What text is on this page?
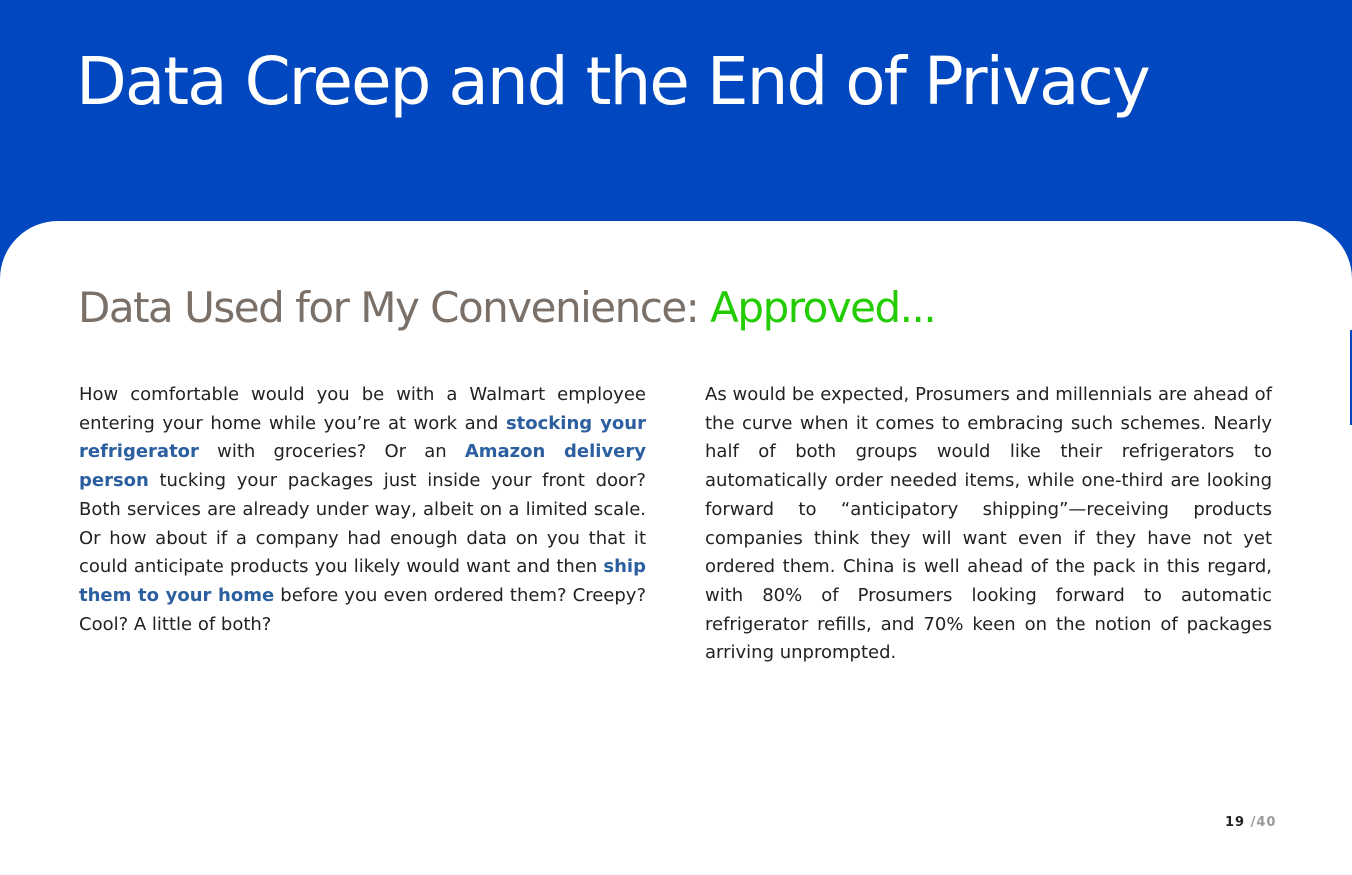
Data Creep and the End of Privacy
Data Used for My Convenience: Approved...

How comfortable would you be with a Walmart employee entering your home while you’re at work and stocking your refrigerator with groceries? Or an Amazon delivery person tucking your packages just inside your front door? Both services are already under way, albeit on a limited scale. Or how about if a company had enough data on you that it could anticipate products you likely would want and then ship them to your home before you even ordered them? Creepy? Cool? A little of both?

As would be expected, Prosumers and millennials are ahead of the curve when it comes to embracing such schemes. Nearly half of both groups would like their refrigerators to automatically order needed items, while one-third are looking forward to “anticipatory shipping”—receiving products companies think they will want even if they have not yet ordered them. China is well ahead of the pack in this regard, with 80% of Prosumers looking forward to automatic refrigerator refills, and 70% keen on the notion of packages arriving unprompted.

19 /40
